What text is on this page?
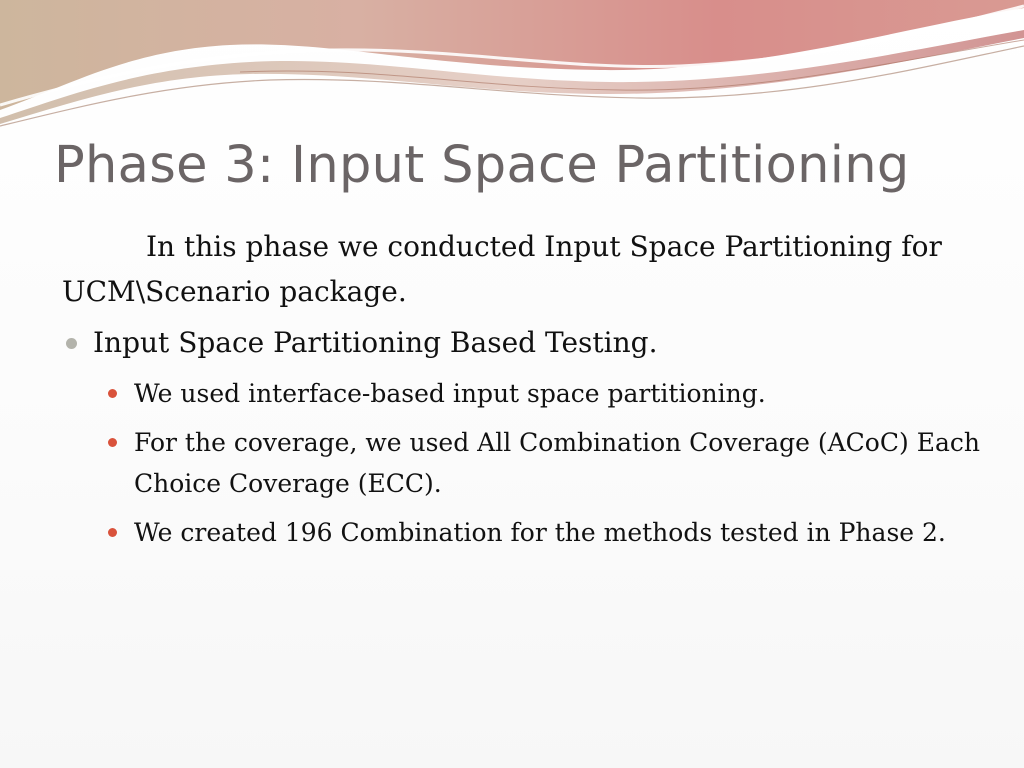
Phase 3: Input Space Partitioning

In this phase we conducted Input Space Partitioning for UCM\Scenario package.

Input Space Partitioning Based Testing.
We used interface-based input space partitioning.
For the coverage, we used All Combination Coverage (ACoC) Each Choice Coverage (ECC).
We created 196 Combination for the methods tested in Phase 2.
